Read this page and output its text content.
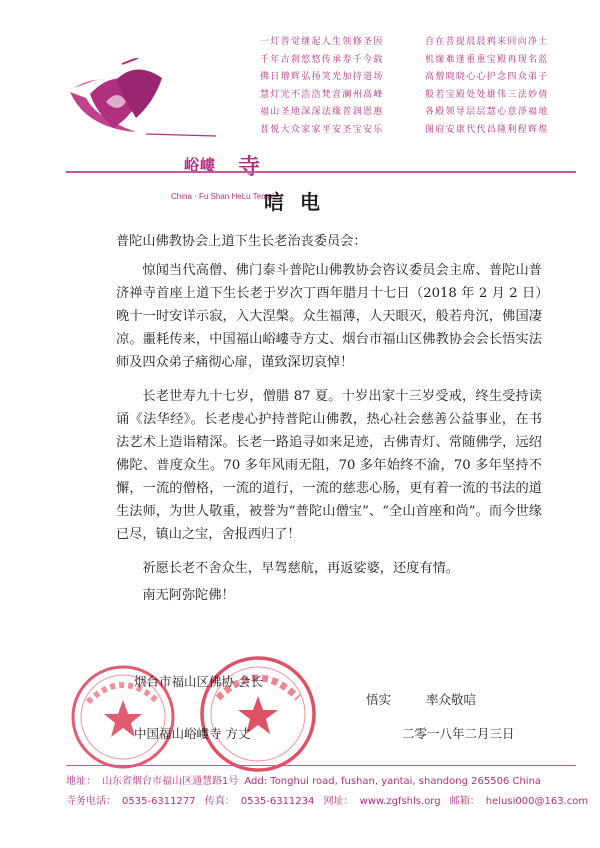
峪嶁 寺
China · Fu Shan HeLu Temple
一灯普觉继起人生领修圣因
千年古刹悠悠传承寿千今载
佛日增辉弘扬笑光加持道场
慧灯光不浩浩梵音澜州高峰
福山圣地深深法缘普润恩惠
普悦大众家家平安圣宝安乐
自在菩提晨晨鸦来回向净土
机缘难逢重重宝殿再现名蓝
高僧晓晓心心护念四众弟子
般若宝殿处处雄伟三法妙倩
各殿领导层层慧心意淨福地
图府安康代代昌隆利程辉煌
唁电

普陀山佛教协会上道下生长老治丧委员会：

惊闻当代高僧、佛门泰斗普陀山佛教协会咨议委员会主席、普陀山普济禅寺首座上道下生长老于岁次丁酉年腊月十七日（2018 年 2 月 2 日）晚十一时安详示寂，入大涅槃。众生福薄，人天眼灭，般若舟沉，佛国凄凉。噩耗传来，中国福山峪嶁寺方丈、烟台市福山区佛教协会会长悟实法师及四众弟子痛彻心扉，谨致深切哀悼！

长老世寿九十七岁，僧腊 87 夏。十岁出家十三岁受戒，终生受持读诵《法华经》。长老虔心护持普陀山佛教，热心社会慈善公益事业，在书法艺术上造诣精深。长老一路追寻如来足迹，古佛青灯、常随佛学，远绍佛陀、普度众生。70 多年风雨无阻，70 多年始终不渝，70 多年坚持不懈，一流的僧格，一流的道行，一流的慈悲心肠，更有着一流的书法的道生法师，为世人敬重，被誉为“普陀山僧宝”、“全山首座和尚”。而今世缘已尽，镇山之宝，舍报西归了！

祈愿长老不舍众生，早驾慈航，再返娑婆，还度有情。

南无阿弥陀佛！

烟台市福山区佛协 会长
中国福山峪嶁寺 方丈
悟实	率众敬唁
二零一八年二月三日
地址： 山东省烟台市福山区通慧路1号 Add: Tonghui road, fushan, yantai, shandong 265506 China
寺务电话： 0535-6311277 传真： 0535-6311234 网址： www.zgfshls.org 邮箱： helusi000@163.com
